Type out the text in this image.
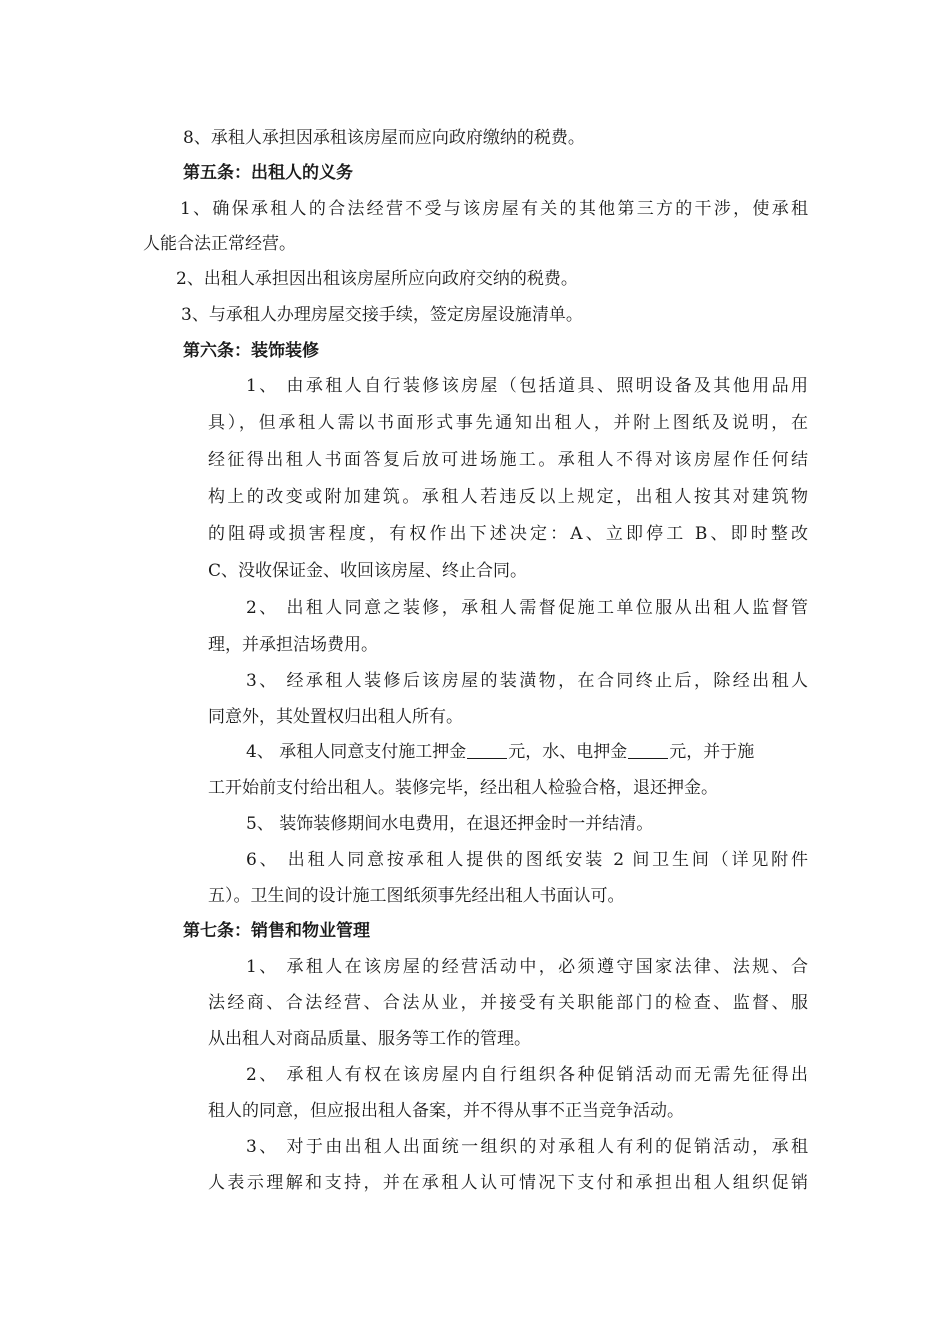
8、承租人承担因承租该房屋而应向政府缴纳的税费。
第五条：出租人的义务
1、确保承租人的合法经营不受与该房屋有关的其他第三方的干涉，使承租
人能合法正常经营。
2、出租人承担因出租该房屋所应向政府交纳的税费。
3、与承租人办理房屋交接手续，签定房屋设施清单。
第六条：装饰装修
1、 由承租人自行装修该房屋（包括道具、照明设备及其他用品用
具），但承租人需以书面形式事先通知出租人，并附上图纸及说明，在
经征得出租人书面答复后放可进场施工。承租人不得对该房屋作任何结
构上的改变或附加建筑。承租人若违反以上规定，出租人按其对建筑物
的阻碍或损害程度，有权作出下述决定：A、立即停工 B、即时整改
C、没收保证金、收回该房屋、终止合同。
2、 出租人同意之装修，承租人需督促施工单位服从出租人监督管
理，并承担洁场费用。
3、 经承租人装修后该房屋的装潢物，在合同终止后，除经出租人
同意外，其处置权归出租人所有。
4、 承租人同意支付施工押金 元，水、电押金 元，并于施
工开始前支付给出租人。装修完毕，经出租人检验合格，退还押金。
5、 装饰装修期间水电费用，在退还押金时一并结清。
6、 出租人同意按承租人提供的图纸安装 2 间卫生间（详见附件
五）。卫生间的设计施工图纸须事先经出租人书面认可。
第七条：销售和物业管理
1、 承租人在该房屋的经营活动中，必须遵守国家法律、法规、合
法经商、合法经营、合法从业，并接受有关职能部门的检查、监督、服
从出租人对商品质量、服务等工作的管理。
2、 承租人有权在该房屋内自行组织各种促销活动而无需先征得出
租人的同意，但应报出租人备案，并不得从事不正当竞争活动。
3、 对于由出租人出面统一组织的对承租人有利的促销活动，承租
人表示理解和支持，并在承租人认可情况下支付和承担出租人组织促销
